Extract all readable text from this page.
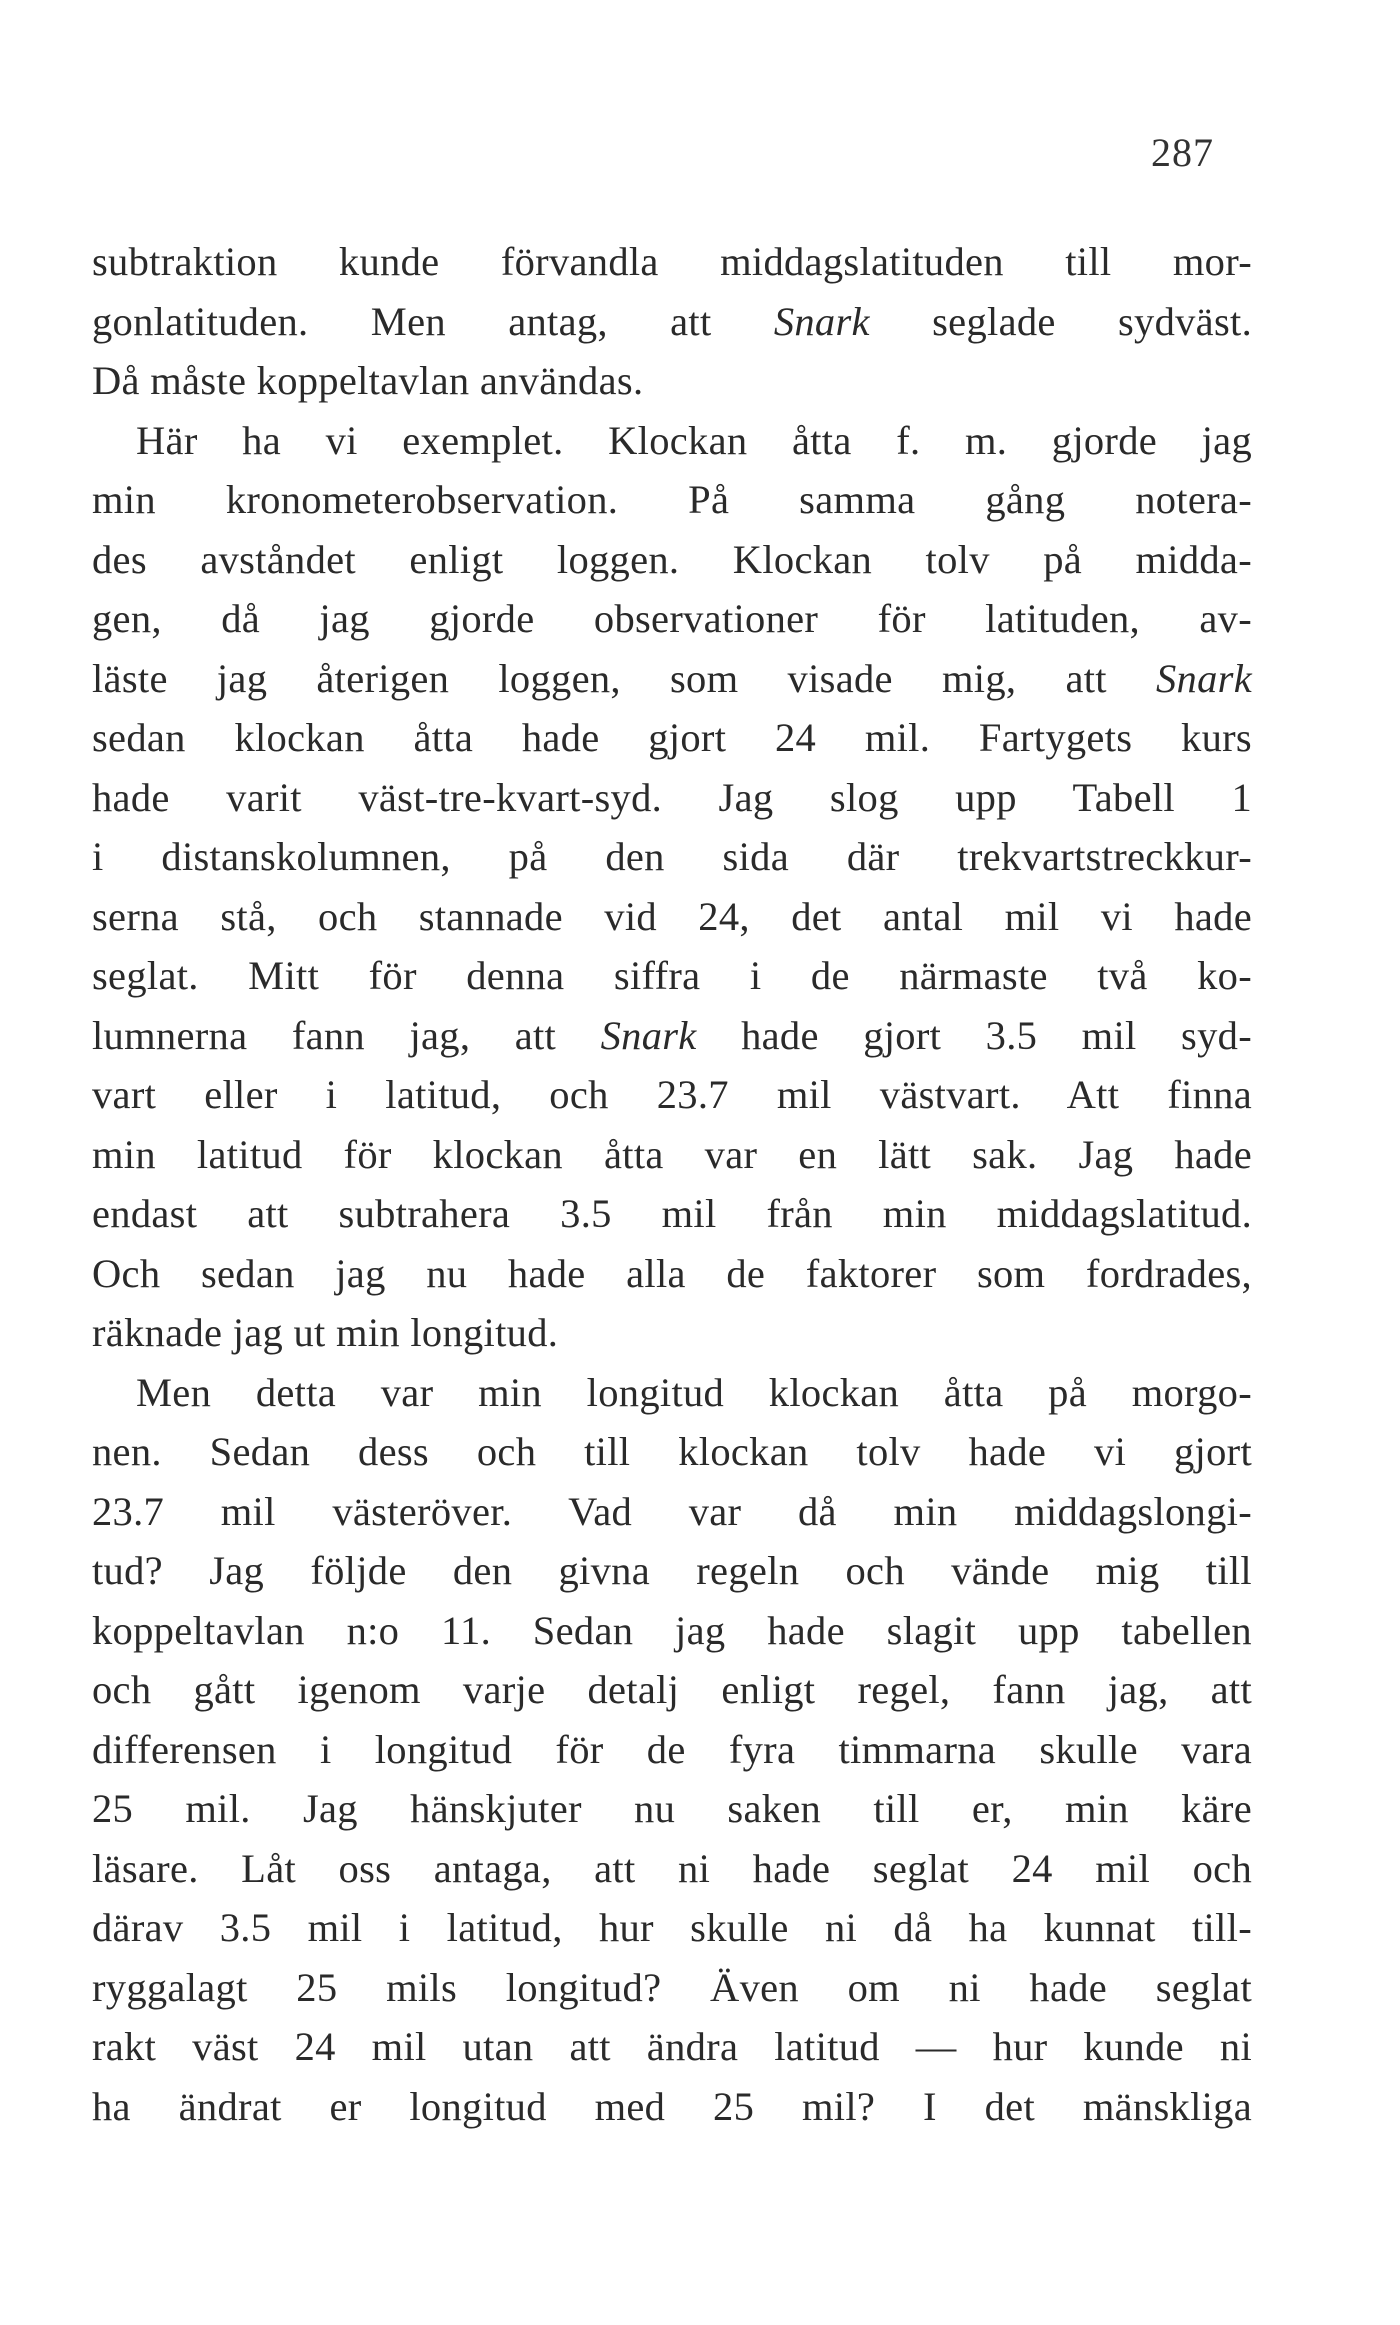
287
subtraktion kunde förvandla middagslatituden till mor-
gonlatituden. Men antag, att Snark seglade sydväst.
Då måste koppeltavlan användas.
Här ha vi exemplet. Klockan åtta f. m. gjorde jag
min kronometerobservation. På samma gång notera-
des avståndet enligt loggen. Klockan tolv på midda-
gen, då jag gjorde observationer för latituden, av-
läste jag återigen loggen, som visade mig, att Snark
sedan klockan åtta hade gjort 24 mil. Fartygets kurs
hade varit väst-tre-kvart-syd. Jag slog upp Tabell 1
i distanskolumnen, på den sida där trekvartstreckkur-
serna stå, och stannade vid 24, det antal mil vi hade
seglat. Mitt för denna siffra i de närmaste två ko-
lumnerna fann jag, att Snark hade gjort 3.5 mil syd-
vart eller i latitud, och 23.7 mil västvart. Att finna
min latitud för klockan åtta var en lätt sak. Jag hade
endast att subtrahera 3.5 mil från min middagslatitud.
Och sedan jag nu hade alla de faktorer som fordrades,
räknade jag ut min longitud.
Men detta var min longitud klockan åtta på morgo-
nen. Sedan dess och till klockan tolv hade vi gjort
23.7 mil västeröver. Vad var då min middagslongi-
tud? Jag följde den givna regeln och vände mig till
koppeltavlan n:o 11. Sedan jag hade slagit upp tabellen
och gått igenom varje detalj enligt regel, fann jag, att
differensen i longitud för de fyra timmarna skulle vara
25 mil. Jag hänskjuter nu saken till er, min käre
läsare. Låt oss antaga, att ni hade seglat 24 mil och
därav 3.5 mil i latitud, hur skulle ni då ha kunnat till-
ryggalagt 25 mils longitud? Även om ni hade seglat
rakt väst 24 mil utan att ändra latitud — hur kunde ni
ha ändrat er longitud med 25 mil? I det mänskliga
